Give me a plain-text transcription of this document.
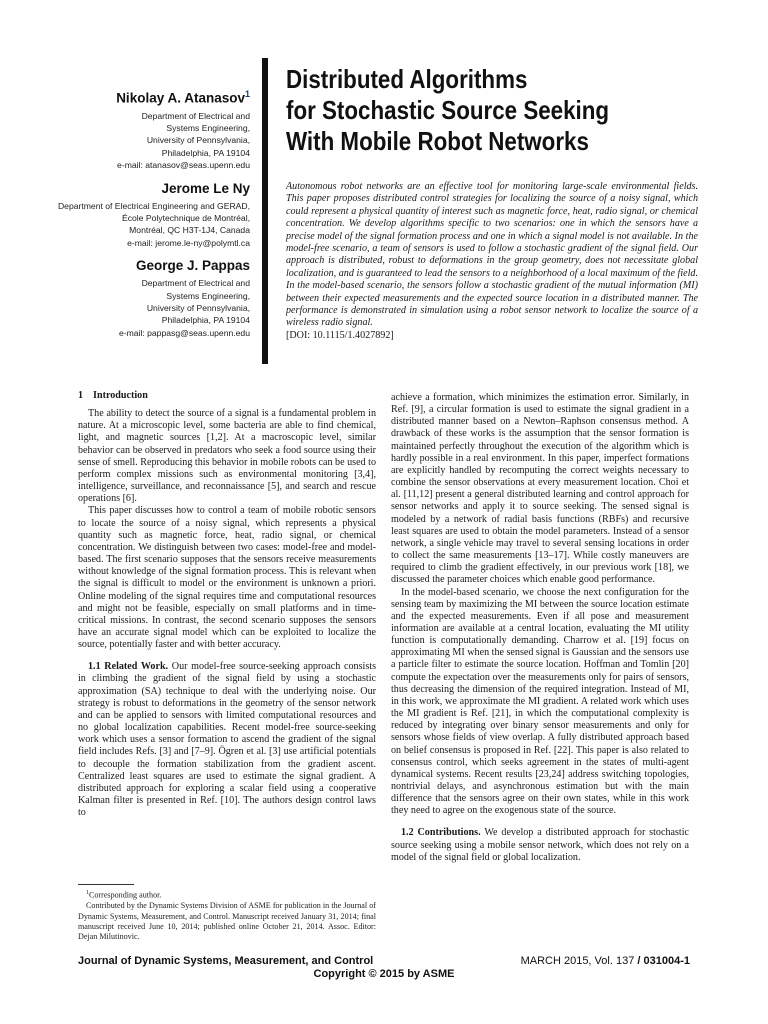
Nikolay A. Atanasov$^1$
Department of Electrical and
Systems Engineering,
University of Pennsylvania,
Philadelphia, PA 19104
e-mail: atanasov@seas.upenn.edu
Jerome Le Ny
Department of Electrical Engineering and GERAD,
École Polytechnique de Montréal,
Montréal, QC H3T-1J4, Canada
e-mail: jerome.le-ny@polymtl.ca
George J. Pappas
Department of Electrical and
Systems Engineering,
University of Pennsylvania,
Philadelphia, PA 19104
e-mail: pappasg@seas.upenn.edu
Distributed Algorithms
for Stochastic Source Seeking
With Mobile Robot Networks
Autonomous robot networks are an effective tool for monitoring large-scale environmental fields. This paper proposes distributed control strategies for localizing the source of a noisy signal, which could represent a physical quantity of interest such as magnetic force, heat, radio signal, or chemical concentration. We develop algorithms specific to two scenarios: one in which the sensors have a precise model of the signal formation process and one in which a signal model is not available. In the model-free scenario, a team of sensors is used to follow a stochastic gradient of the signal field. Our approach is distributed, robust to deformations in the group geometry, does not necessitate global localization, and is guaranteed to lead the sensors to a neighborhood of a local maximum of the field. In the model-based scenario, the sensors follow a stochastic gradient of the mutual information (MI) between their expected measurements and the expected source location in a distributed manner. The performance is demonstrated in simulation using a robot sensor network to localize the source of a wireless radio signal.
[DOI: 10.1115/1.4027892]
1 Introduction

The ability to detect the source of a signal is a fundamental problem in nature. At a microscopic level, some bacteria are able to find chemical, light, and magnetic sources [1,2]. At a macroscopic level, similar behavior can be observed in predators who seek a food source using their sense of smell. Reproducing this behavior in mobile robots can be used to perform complex missions such as environmental monitoring [3,4], intelligence, surveillance, and reconnaissance [5], and search and rescue operations [6].

This paper discusses how to control a team of mobile robotic sensors to locate the source of a noisy signal, which represents a physical quantity such as magnetic force, heat, radio signal, or chemical concentration. We distinguish between two cases: model-free and model-based. The first scenario supposes that the sensors receive measurements without knowledge of the signal formation process. This is relevant when the signal is difficult to model or the environment is unknown a priori. Online modeling of the signal requires time and computational resources and might not be feasible, especially on small platforms and in time-critical missions. In contrast, the second scenario supposes the sensors have an accurate signal model which can be exploited to localize the source, potentially faster and with better accuracy.

1.1 Related Work. Our model-free source-seeking approach consists in climbing the gradient of the signal field by using a stochastic approximation (SA) technique to deal with the underlying noise. Our strategy is robust to deformations in the geometry of the sensor network and can be applied to sensors with limited computational resources and no global localization capabilities. Recent model-free source-seeking work which uses a sensor formation to ascend the gradient of the signal field includes Refs. [3] and [7–9]. Ögren et al. [3] use artificial potentials to decouple the formation stabilization from the gradient ascent. Centralized least squares are used to estimate the signal gradient. A distributed approach for exploring a scalar field using a cooperative Kalman filter is presented in Ref. [10]. The authors design control laws to

$^1$Corresponding author.

Contributed by the Dynamic Systems Division of ASME for publication in the Journal of Dynamic Systems, Measurement, and Control. Manuscript received January 31, 2014; final manuscript received June 10, 2014; published online October 21, 2014. Assoc. Editor: Dejan Milutinovic.

achieve a formation, which minimizes the estimation error. Similarly, in Ref. [9], a circular formation is used to estimate the signal gradient in a distributed manner based on a Newton–Raphson consensus method. A drawback of these works is the assumption that the sensor formation is maintained perfectly throughout the execution of the algorithm which is hardly possible in a real environment. In this paper, imperfect formations are explicitly handled by recomputing the correct weights necessary to combine the sensor observations at every measurement location. Choi et al. [11,12] present a general distributed learning and control approach for sensor networks and apply it to source seeking. The sensed signal is modeled by a network of radial basis functions (RBFs) and recursive least squares are used to obtain the model parameters. Instead of a sensor network, a single vehicle may travel to several sensing locations in order to collect the same measurements [13–17]. While costly maneuvers are required to climb the gradient effectively, in our previous work [18], we discussed the parameter choices which enable good performance.

In the model-based scenario, we choose the next configuration for the sensing team by maximizing the MI between the source location estimate and the expected measurements. Even if all pose and measurement information are available at a central location, evaluating the MI utility function is computationally demanding. Charrow et al. [19] focus on approximating MI when the sensed signal is Gaussian and the sensors use a particle filter to estimate the source location. Hoffman and Tomlin [20] compute the expectation over the measurements only for pairs of sensors, thus decreasing the dimension of the required integration. Instead of MI, in this work, we approximate the MI gradient. A related work which uses the MI gradient is Ref. [21], in which the computational complexity is reduced by integrating over binary sensor measurements and only for sensors whose fields of view overlap. A fully distributed approach based on belief consensus is proposed in Ref. [22]. This paper is also related to consensus control, which seeks agreement in the states of multi-agent dynamical systems. Recent results [23,24] address switching topologies, nontrivial delays, and asynchronous estimation but with the main difference that the sensors agree on their own states, while in this work they need to agree on the exogenous state of the source.

1.2 Contributions. We develop a distributed approach for stochastic source seeking using a mobile sensor network, which does not rely on a model of the signal field or global localization.

Journal of Dynamic Systems, Measurement, and Control	MARCH 2015, Vol. 137 / 031004-1
Copyright © 2015 by ASME
